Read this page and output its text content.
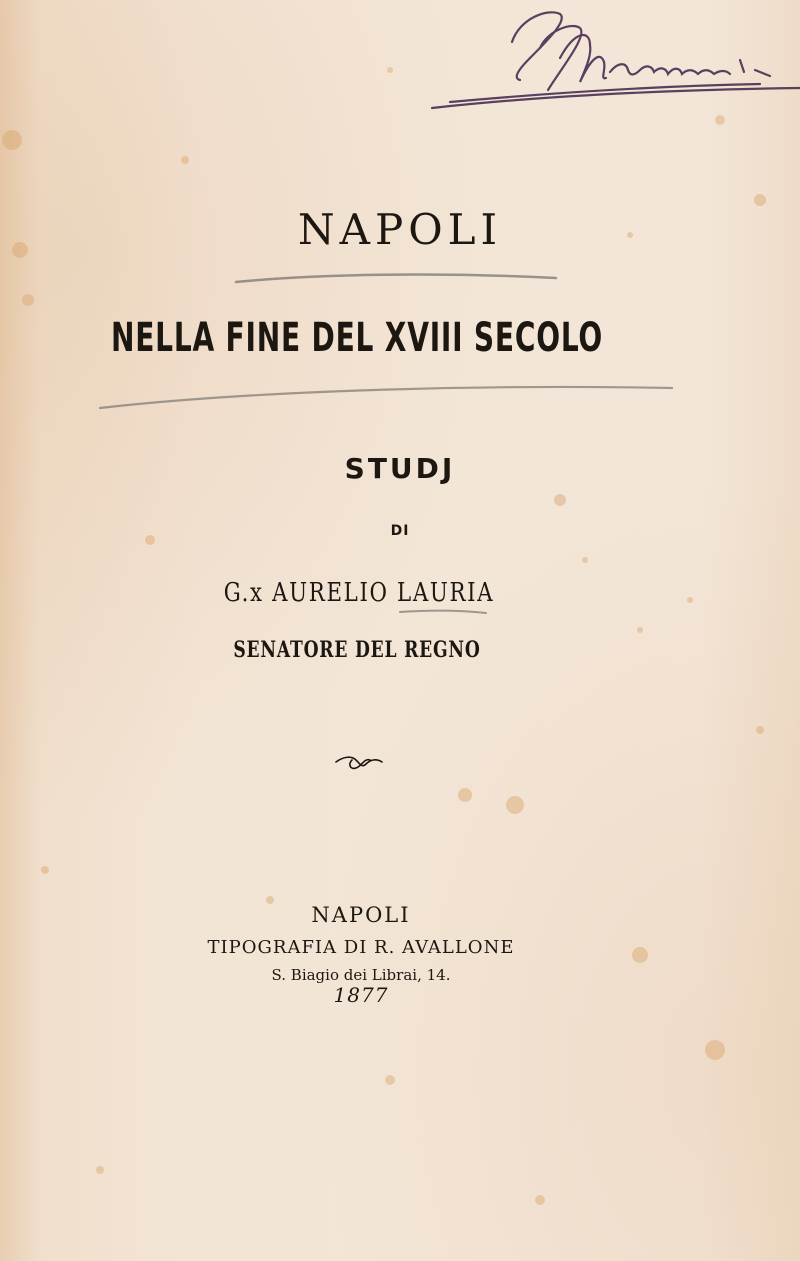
NAPOLI
NELLA FINE DEL XVIII SECOLO
STUDJ
DI
G.x AURELIO LAURIA
SENATORE DEL REGNO
NAPOLI
TIPOGRAFIA DI R. AVALLONE
S. Biagio dei Librai, 14.
1877
